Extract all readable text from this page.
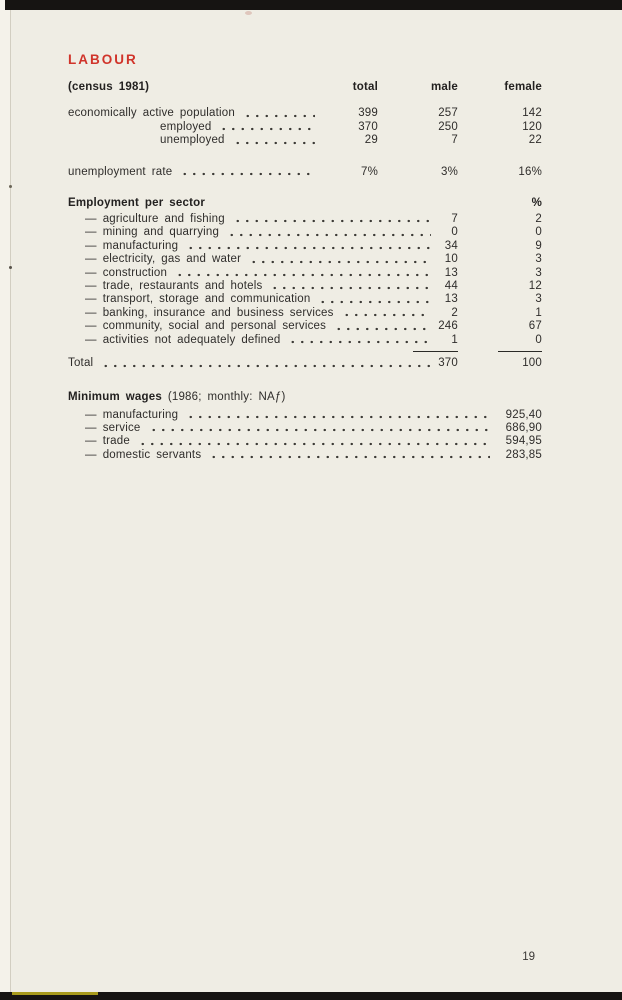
LABOUR
(census 1981)	total	male	female
economically active population	399	257	142
employed	370	250	120
unemployed	29	7	22
unemployment rate	7%	3%	16%
Employment per sector	%
— agriculture and fishing	7	2
— mining and quarrying	0	0
— manufacturing	34	9
— electricity, gas and water	10	3
— construction	13	3
— trade, restaurants and hotels	44	12
— transport, storage and communication	13	3
— banking, insurance and business services	2	1
— community, social and personal services	246	67
— activities not adequately defined	1	0
Total	370	100
Minimum wages (1986; monthly: NAƒ)
— manufacturing	925,40
— service	686,90
— trade	594,95
— domestic servants	283,85
19
